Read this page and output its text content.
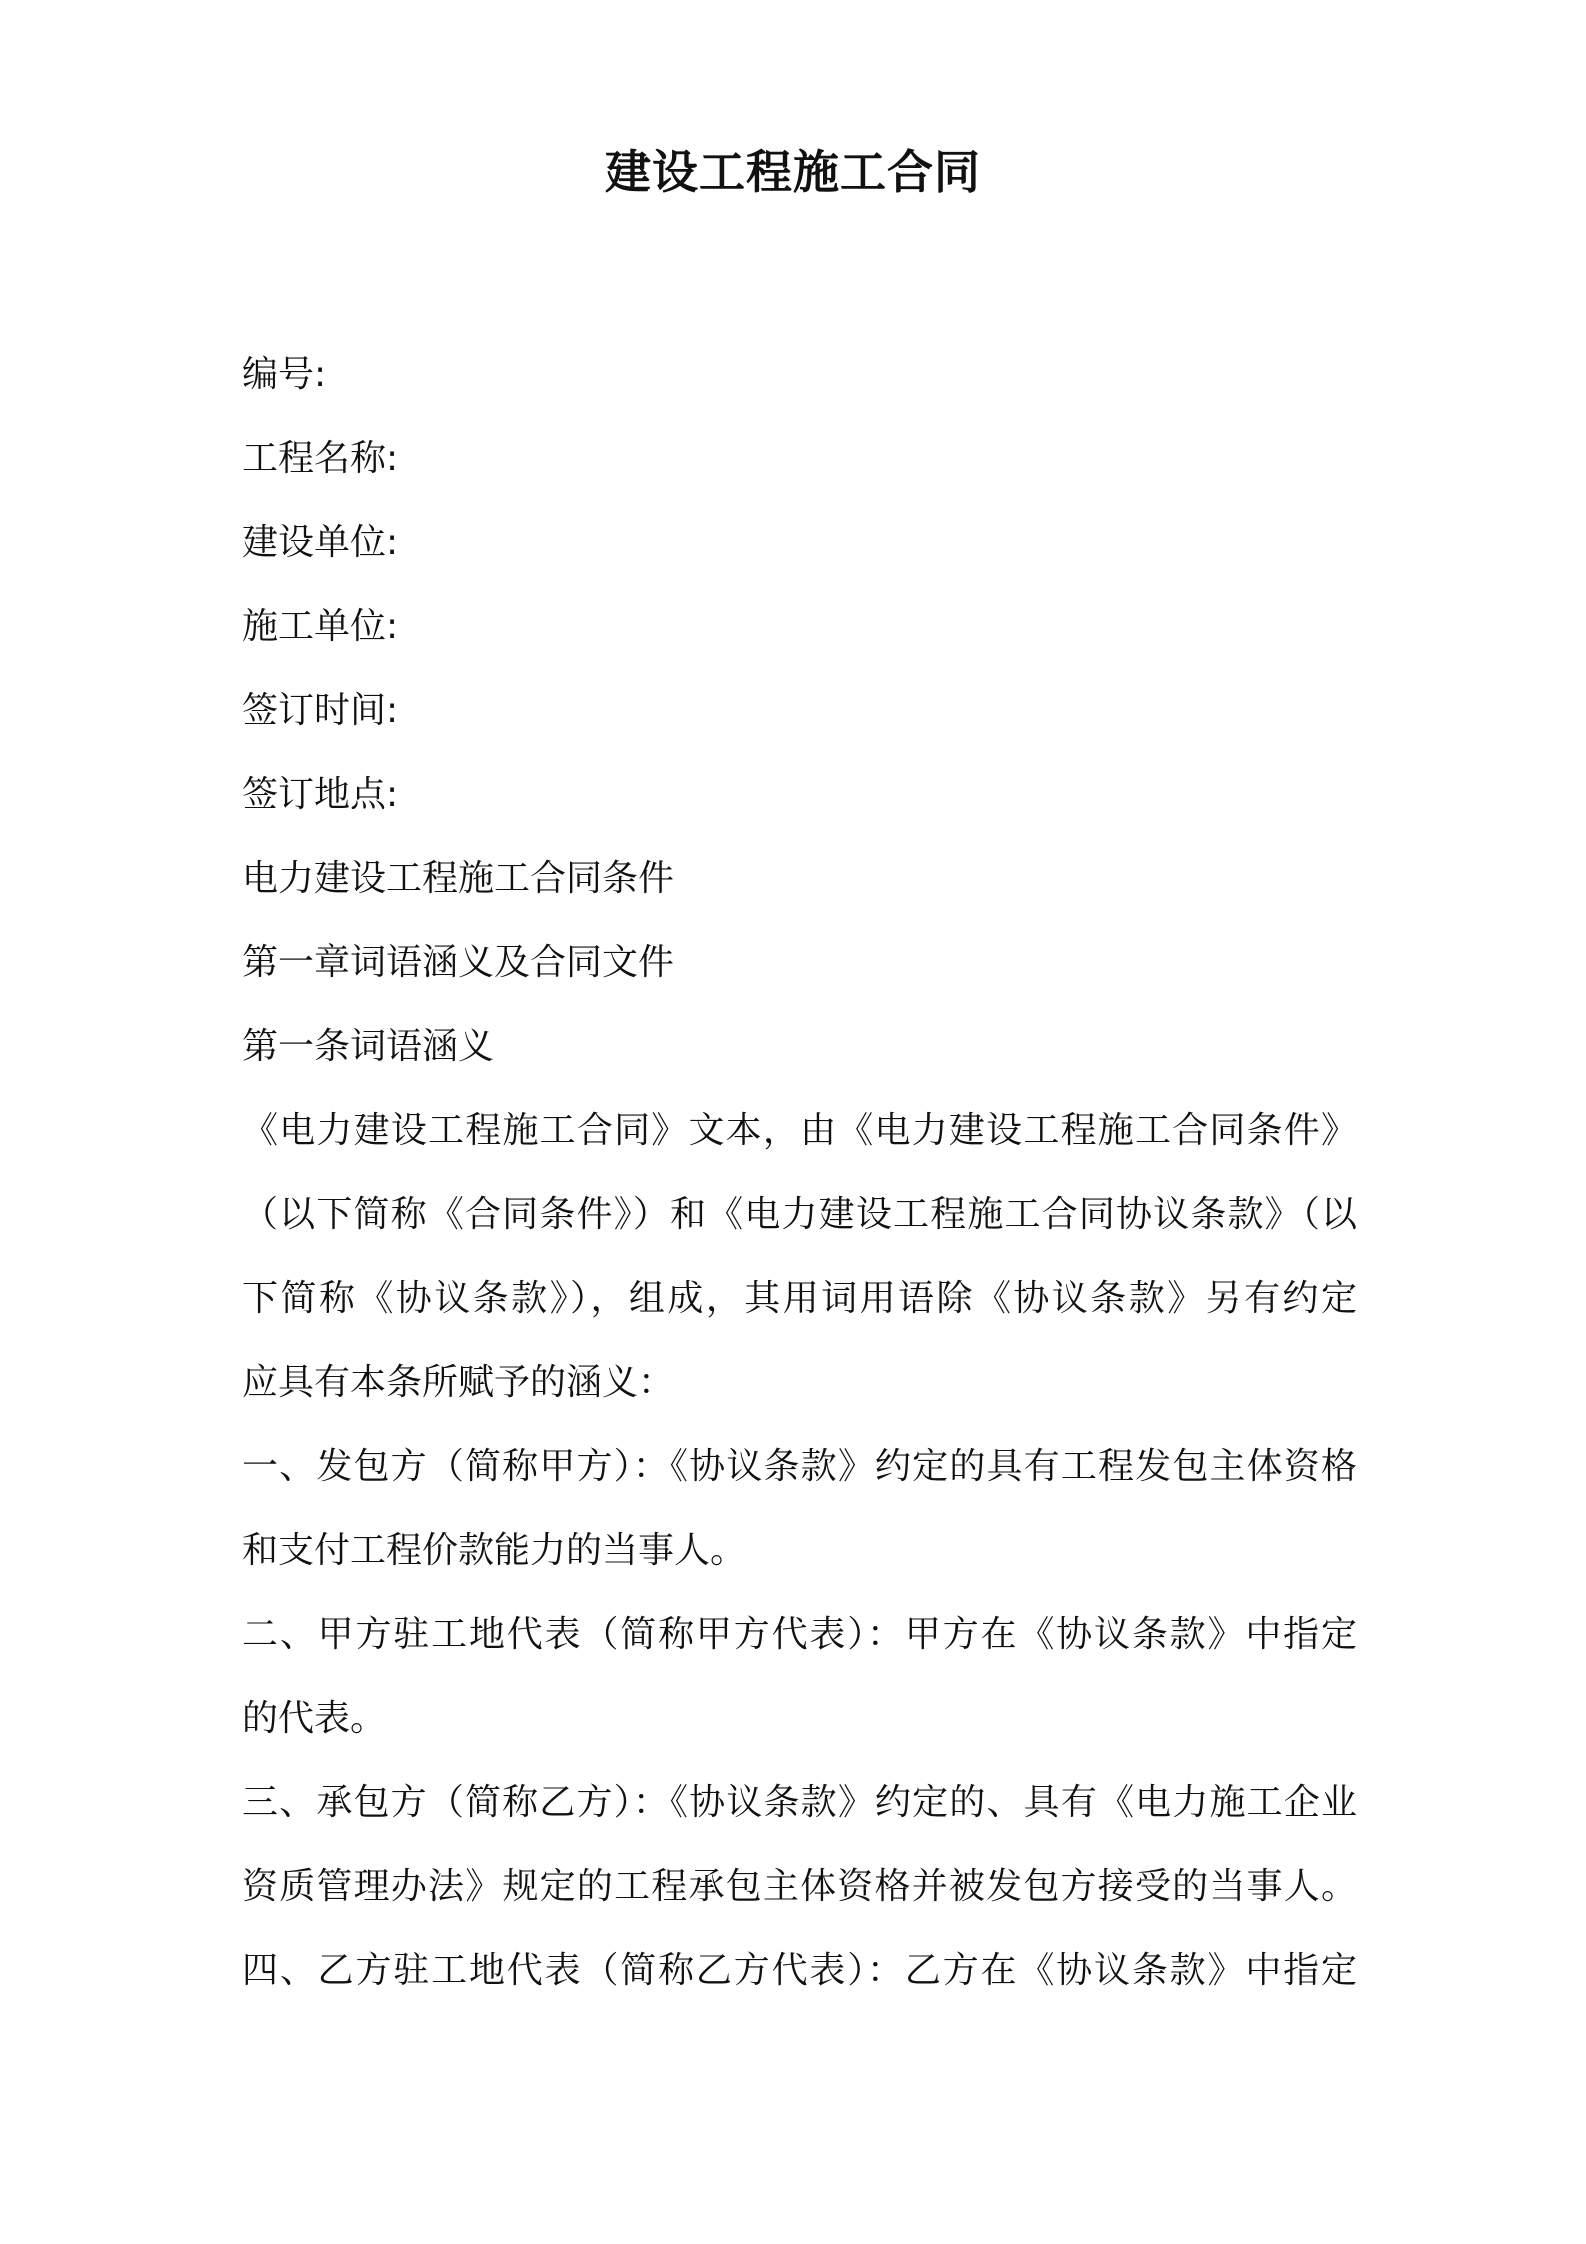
建设工程施工合同

编号:

工程名称:

建设单位:

施工单位:

签订时间:

签订地点:

电力建设工程施工合同条件

第一章词语涵义及合同文件

第一条词语涵义

《电力建设工程施工合同》文本，由《电力建设工程施工合同条件》

（以下简称《合同条件》）和《电力建设工程施工合同协议条款》（以

下简称《协议条款》），组成，其用词用语除《协议条款》另有约定

应具有本条所赋予的涵义：

一、发包方（简称甲方）：《协议条款》约定的具有工程发包主体资格

和支付工程价款能力的当事人。

二、甲方驻工地代表（简称甲方代表）：甲方在《协议条款》中指定

的代表。

三、承包方（简称乙方）：《协议条款》约定的、具有《电力施工企业

资质管理办法》规定的工程承包主体资格并被发包方接受的当事人。

四、乙方驻工地代表（简称乙方代表）：乙方在《协议条款》中指定
